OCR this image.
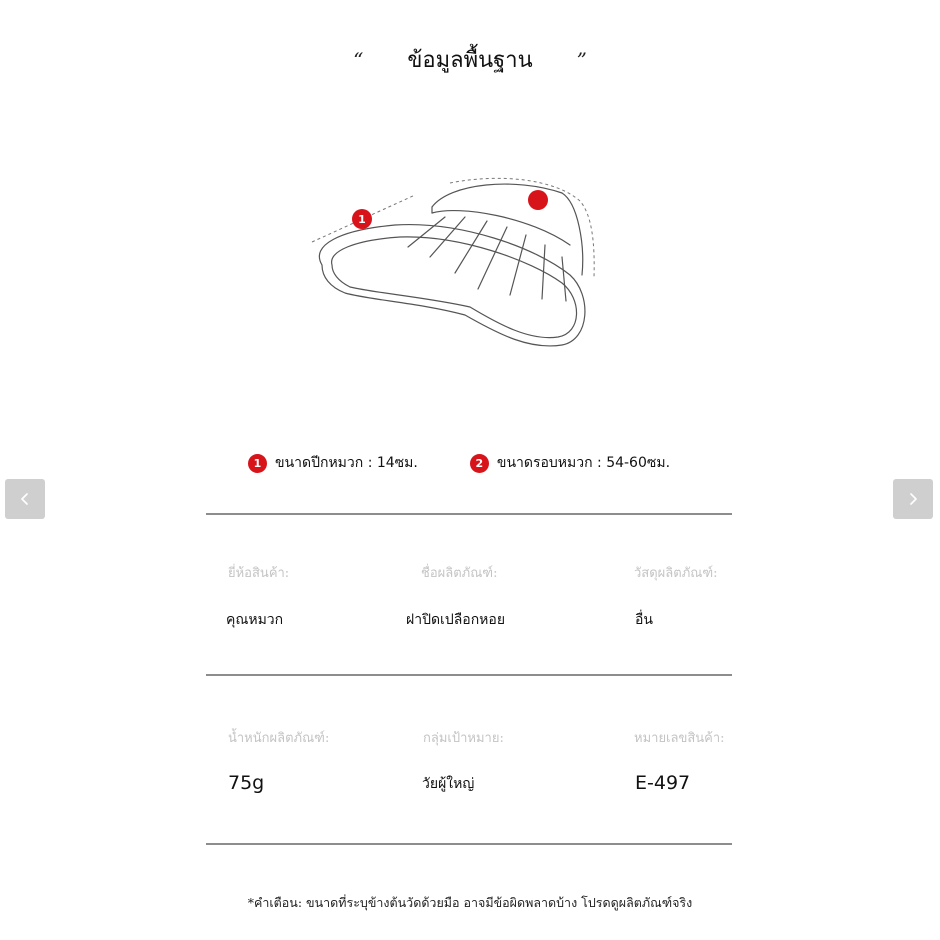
“ ข้อมูลพื้นฐาน ”
1
1 ขนาดปีกหมวก : 14ซม.	2 ขนาดรอบหมวก : 54-60ซม.
ยี่ห้อสินค้า:	ชื่อผลิตภัณฑ์:	วัสดุผลิตภัณฑ์:
คุณหมวก	ฝาปิดเปลือกหอย	อื่น
น้ำหนักผลิตภัณฑ์:	กลุ่มเป้าหมาย:	หมายเลขสินค้า:
75g	วัยผู้ใหญ่	E-497
*คำเตือน: ขนาดที่ระบุข้างต้นวัดด้วยมือ อาจมีข้อผิดพลาดบ้าง โปรดดูผลิตภัณฑ์จริง
